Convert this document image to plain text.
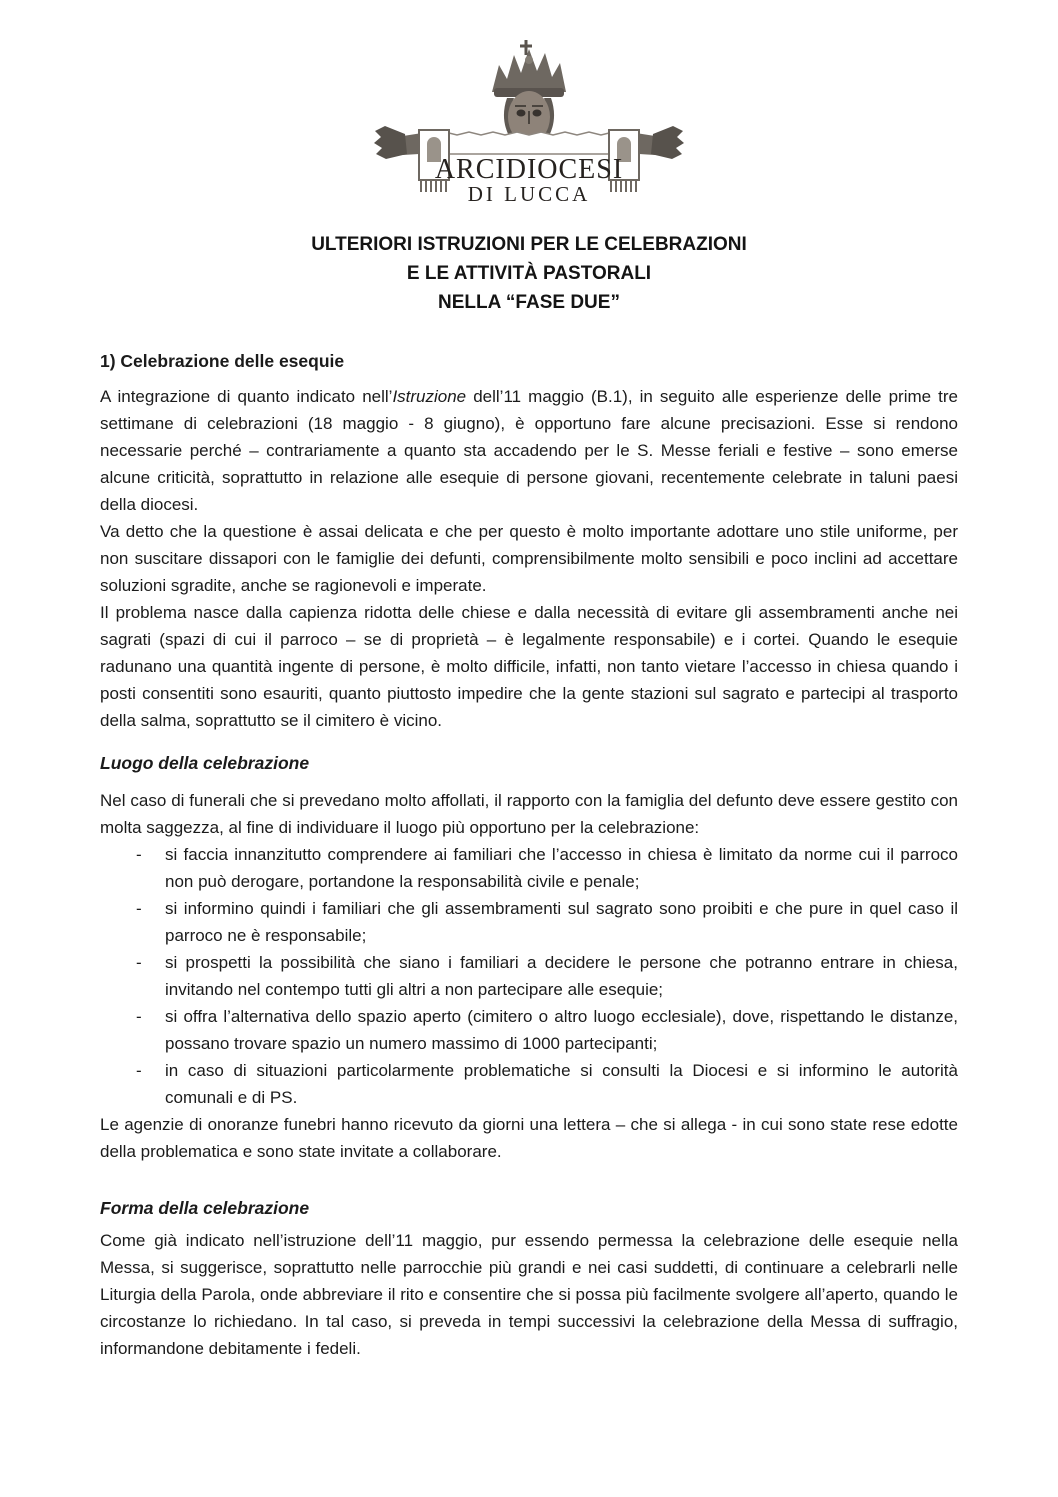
ARCIDIOCESI
DI LUCCA
ULTERIORI ISTRUZIONI PER LE CELEBRAZIONI
E LE ATTIVITÀ PASTORALI
NELLA “FASE DUE”
1) Celebrazione delle esequie

A integrazione di quanto indicato nell’Istruzione dell’11 maggio (B.1), in seguito alle esperienze delle prime tre settimane di celebrazioni (18 maggio - 8 giugno), è opportuno fare alcune precisazioni. Esse si rendono necessarie perché – contrariamente a quanto sta accadendo per le S. Messe feriali e festive – sono emerse alcune criticità, soprattutto in relazione alle esequie di persone giovani, recentemente celebrate in taluni paesi della diocesi.

Va detto che la questione è assai delicata e che per questo è molto importante adottare uno stile uniforme, per non suscitare dissapori con le famiglie dei defunti, comprensibilmente molto sensibili e poco inclini ad accettare soluzioni sgradite, anche se ragionevoli e imperate.

Il problema nasce dalla capienza ridotta delle chiese e dalla necessità di evitare gli assembramenti anche nei sagrati (spazi di cui il parroco – se di proprietà – è legalmente responsabile) e i cortei. Quando le esequie radunano una quantità ingente di persone, è molto difficile, infatti, non tanto vietare l’accesso in chiesa quando i posti consentiti sono esauriti, quanto piuttosto impedire che la gente stazioni sul sagrato e partecipi al trasporto della salma, soprattutto se il cimitero è vicino.

Luogo della celebrazione

Nel caso di funerali che si prevedano molto affollati, il rapporto con la famiglia del defunto deve essere gestito con molta saggezza, al fine di individuare il luogo più opportuno per la celebrazione:

- si faccia innanzitutto comprendere ai familiari che l’accesso in chiesa è limitato da norme cui il parroco non può derogare, portandone la responsabilità civile e penale;
- si informino quindi i familiari che gli assembramenti sul sagrato sono proibiti e che pure in quel caso il parroco ne è responsabile;
- si prospetti la possibilità che siano i familiari a decidere le persone che potranno entrare in chiesa, invitando nel contempo tutti gli altri a non partecipare alle esequie;
- si offra l’alternativa dello spazio aperto (cimitero o altro luogo ecclesiale), dove, rispettando le distanze, possano trovare spazio un numero massimo di 1000 partecipanti;
- in caso di situazioni particolarmente problematiche si consulti la Diocesi e si informino le autorità comunali e di PS.

Le agenzie di onoranze funebri hanno ricevuto da giorni una lettera – che si allega - in cui sono state rese edotte della problematica e sono state invitate a collaborare.

Forma della celebrazione

Come già indicato nell’istruzione dell’11 maggio, pur essendo permessa la celebrazione delle esequie nella Messa, si suggerisce, soprattutto nelle parrocchie più grandi e nei casi suddetti, di continuare a celebrarli nelle Liturgia della Parola, onde abbreviare il rito e consentire che si possa più facilmente svolgere all’aperto, quando le circostanze lo richiedano. In tal caso, si preveda in tempi successivi la celebrazione della Messa di suffragio, informandone debitamente i fedeli.
